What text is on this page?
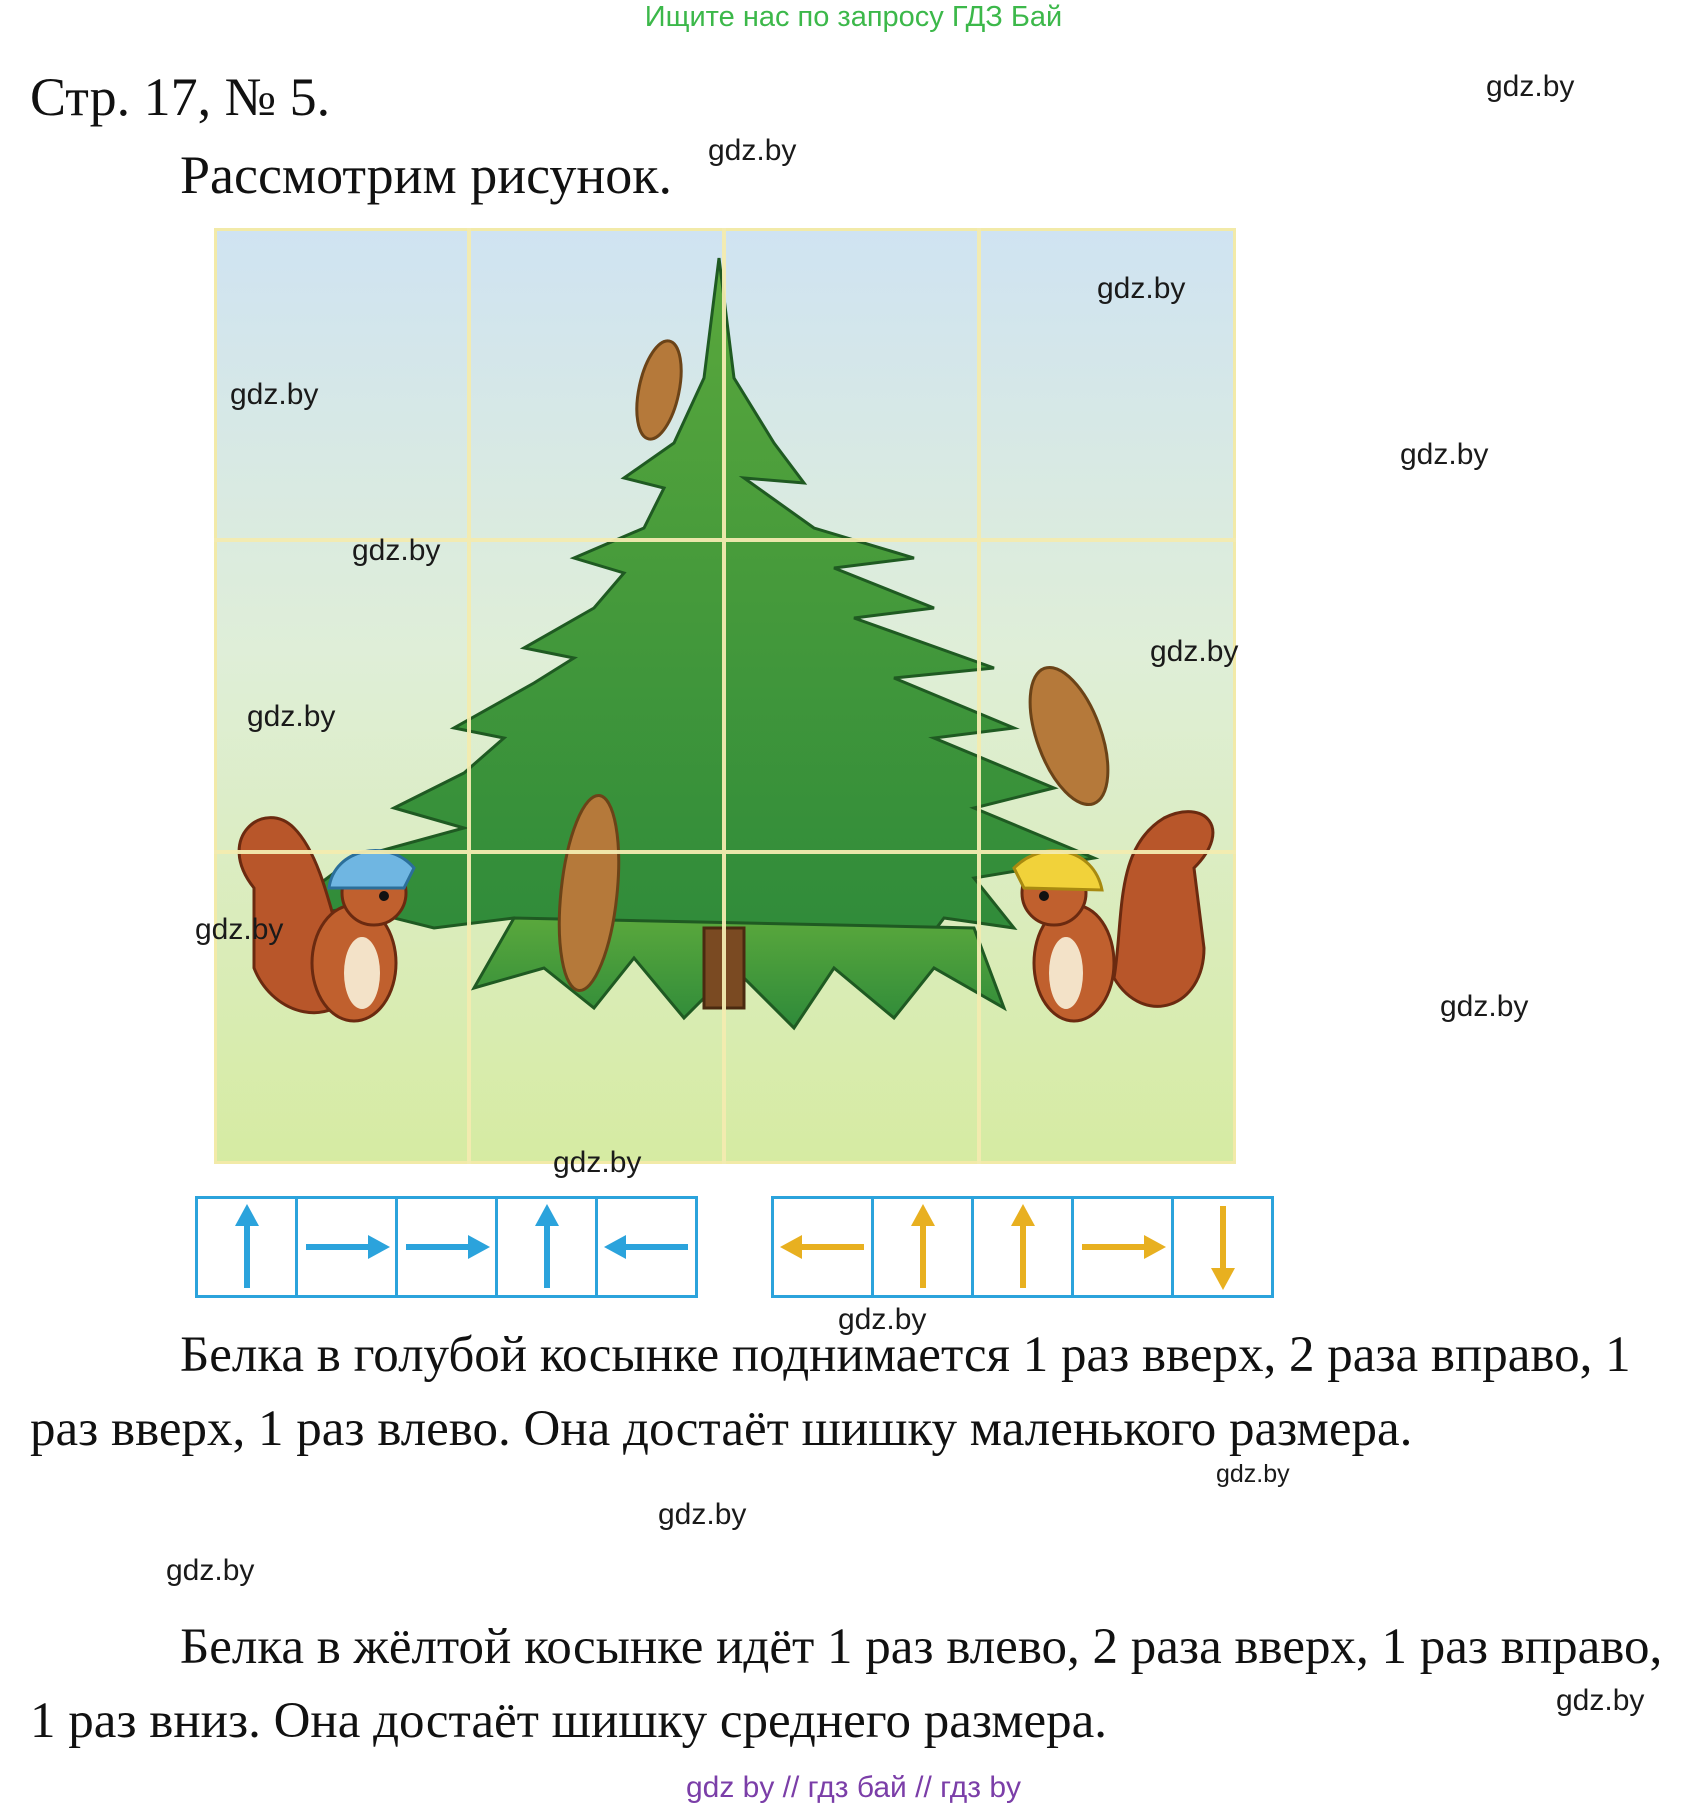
Ищите нас по запросу ГДЗ Бай
gdz.by
Стр. 17, № 5.
Рассмотрим рисунок. gdz.by
gdz.by
gdz.by
gdz.by
gdz.by
gdz.by
gdz.by
gdz.by
gdz.by
gdz.by
gdz.by
Белка в голубой косынке поднимается 1 раз вверх, 2 раза вправо, 1 раз вверх, 1 раз влево. Она достаёт шишку маленького размера.
gdz.by
gdz.by
gdz.by
Белка в жёлтой косынке идёт 1 раз влево, 2 раза вверх, 1 раз вправо, 1 раз вниз. Она достаёт шишку среднего размера.	gdz.by
gdz by // гдз бай // гдз by
